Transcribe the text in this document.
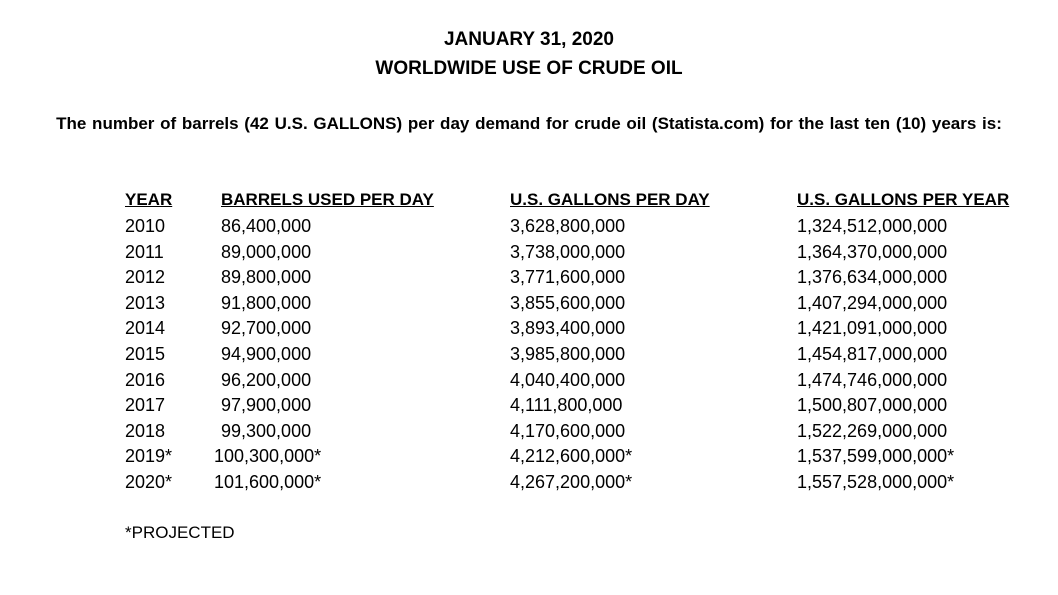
JANUARY 31, 2020
WORLDWIDE USE OF CRUDE OIL
The number of barrels (42 U.S. GALLONS) per day demand for crude oil (Statista.com) for the last ten (10) years is:
YEAR	BARRELS USED PER DAY	U.S. GALLONS PER DAY	U.S. GALLONS PER YEAR
2010	86,400,000	3,628,800,000	1,324,512,000,000
2011	89,000,000	3,738,000,000	1,364,370,000,000
2012	89,800,000	3,771,600,000	1,376,634,000,000
2013	91,800,000	3,855,600,000	1,407,294,000,000
2014	92,700,000	3,893,400,000	1,421,091,000,000
2015	94,900,000	3,985,800,000	1,454,817,000,000
2016	96,200,000	4,040,400,000	1,474,746,000,000
2017	97,900,000	4,111,800,000	1,500,807,000,000
2018	99,300,000	4,170,600,000	1,522,269,000,000
2019* 100,300,000*	4,212,600,000*	1,537,599,000,000*
2020* 101,600,000*	4,267,200,000*	1,557,528,000,000*
*PROJECTED
